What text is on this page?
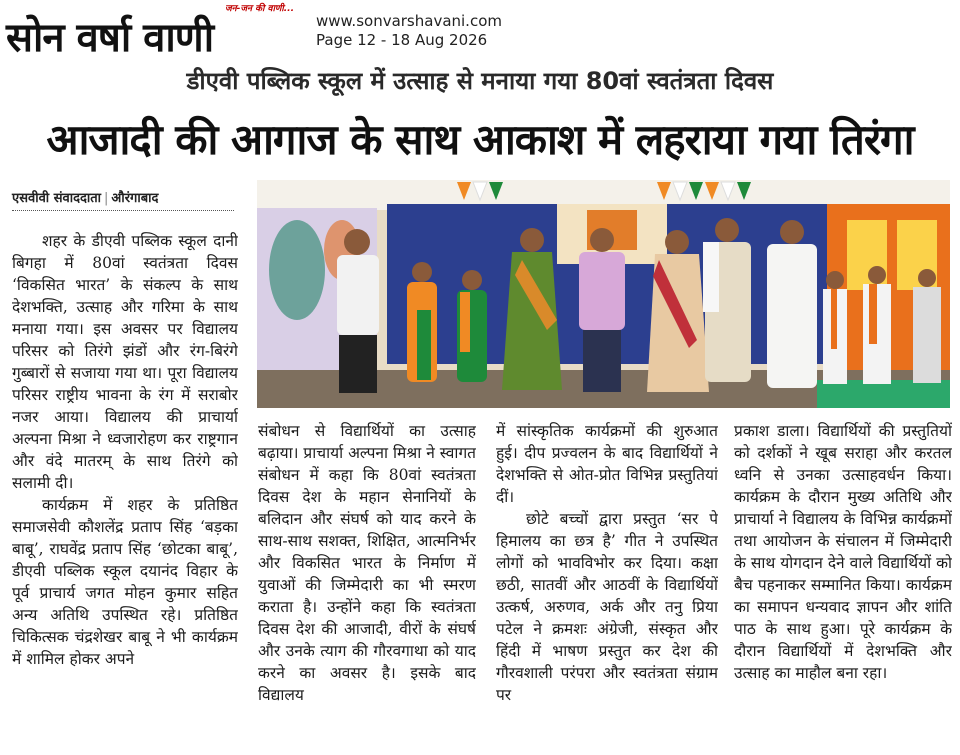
जन-जन की वाणी...
सोन वर्षा वाणी	www.sonvarshavani.com
Page 12 - 18 Aug 2026
डीएवी पब्लिक स्कूल में उत्साह से मनाया गया 80वां स्वतंत्रता दिवस
आजादी की आगाज के साथ आकाश में लहराया गया तिरंगा
एसवीवी संवाददाता | औरंगाबाद

शहर के डीएवी पब्लिक स्कूल दानी बिगहा में 80वां स्वतंत्रता दिवस ‘विकसित भारत’ के संकल्प के साथ देशभक्ति, उत्साह और गरिमा के साथ मनाया गया। इस अवसर पर विद्यालय परिसर को तिरंगे झंडों और रंग-बिरंगे गुब्बारों से सजाया गया था। पूरा विद्यालय परिसर राष्ट्रीय भावना के रंग में सराबोर नजर आया। विद्यालय की प्राचार्या अल्पना मिश्रा ने ध्वजारोहण कर राष्ट्रगान और वंदे मातरम् के साथ तिरंगे को सलामी दी।

कार्यक्रम में शहर के प्रतिष्ठित समाजसेवी कौशलेंद्र प्रताप सिंह ‘बड़का बाबू’, राघवेंद्र प्रताप सिंह ‘छोटका बाबू’, डीएवी पब्लिक स्कूल दयानंद विहार के पूर्व प्राचार्य जगत मोहन कुमार सहित अन्य अतिथि उपस्थित रहे। प्रतिष्ठित चिकित्सक चंद्रशेखर बाबू ने भी कार्यक्रम में शामिल होकर अपने

संबोधन से विद्यार्थियों का उत्साह बढ़ाया। प्राचार्या अल्पना मिश्रा ने स्वागत संबोधन में कहा कि 80वां स्वतंत्रता दिवस देश के महान सेनानियों के बलिदान और संघर्ष को याद करने के साथ-साथ सशक्त, शिक्षित, आत्मनिर्भर और विकसित भारत के निर्माण में युवाओं की जिम्मेदारी का भी स्मरण कराता है। उन्होंने कहा कि स्वतंत्रता दिवस देश की आजादी, वीरों के संघर्ष और उनके त्याग की गौरवगाथा को याद करने का अवसर है। इसके बाद विद्यालय

में सांस्कृतिक कार्यक्रमों की शुरुआत हुई। दीप प्रज्वलन के बाद विद्यार्थियों ने देशभक्ति से ओत-प्रोत विभिन्न प्रस्तुतियां दीं।

छोटे बच्चों द्वारा प्रस्तुत ‘सर पे हिमालय का छत्र है’ गीत ने उपस्थित लोगों को भावविभोर कर दिया। कक्षा छठी, सातवीं और आठवीं के विद्यार्थियों उत्कर्ष, अरुणव, अर्क और तनु प्रिया पटेल ने क्रमशः अंग्रेजी, संस्कृत और हिंदी में भाषण प्रस्तुत कर देश की गौरवशाली परंपरा और स्वतंत्रता संग्राम पर

प्रकाश डाला। विद्यार्थियों की प्रस्तुतियों को दर्शकों ने खूब सराहा और करतल ध्वनि से उनका उत्साहवर्धन किया। कार्यक्रम के दौरान मुख्य अतिथि और प्राचार्या ने विद्यालय के विभिन्न कार्यक्रमों तथा आयोजन के संचालन में जिम्मेदारी के साथ योगदान देने वाले विद्यार्थियों को बैच पहनाकर सम्मानित किया। कार्यक्रम का समापन धन्यवाद ज्ञापन और शांति पाठ के साथ हुआ। पूरे कार्यक्रम के दौरान विद्यार्थियों में देशभक्ति और उत्साह का माहौल बना रहा।
